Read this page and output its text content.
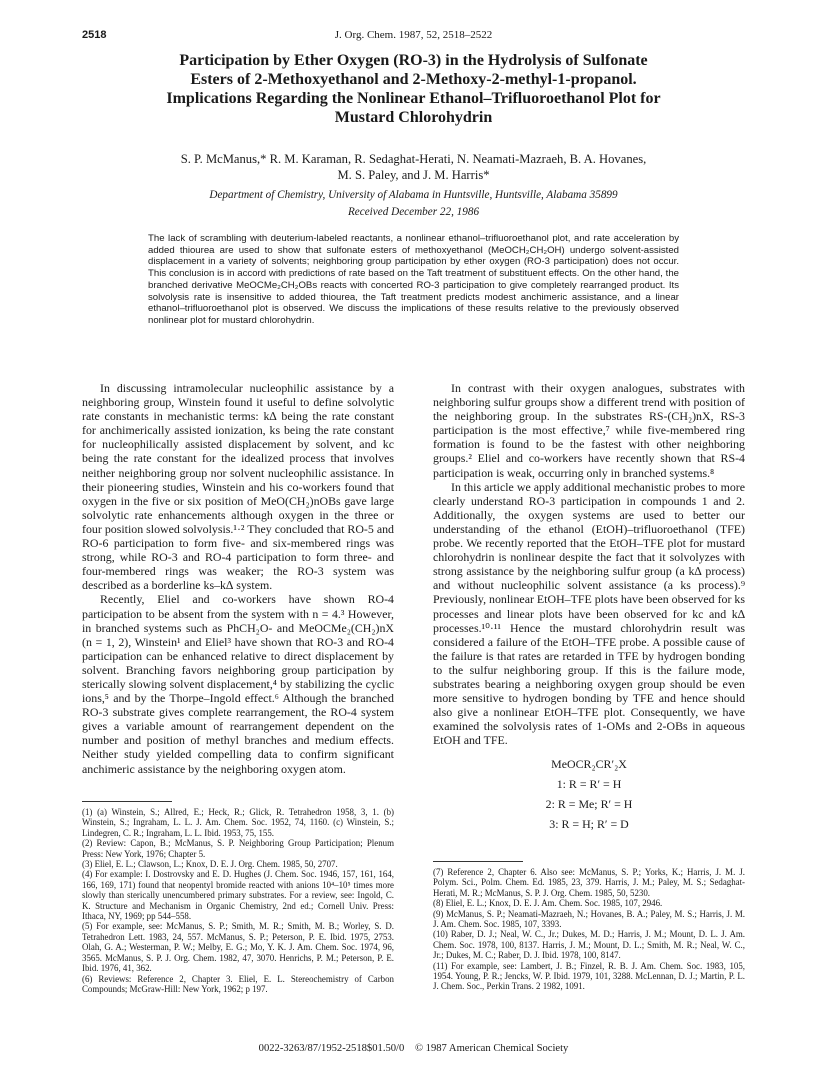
2518	J. Org. Chem. 1987, 52, 2518–2522
Participation by Ether Oxygen (RO-3) in the Hydrolysis of Sulfonate
Esters of 2-Methoxyethanol and 2-Methoxy-2-methyl-1-propanol.
Implications Regarding the Nonlinear Ethanol–Trifluoroethanol Plot for
Mustard Chlorohydrin
S. P. McManus,* R. M. Karaman, R. Sedaghat-Herati, N. Neamati-Mazraeh, B. A. Hovanes,
M. S. Paley, and J. M. Harris*
Department of Chemistry, University of Alabama in Huntsville, Huntsville, Alabama 35899
Received December 22, 1986
The lack of scrambling with deuterium-labeled reactants, a nonlinear ethanol–trifluoroethanol plot, and rate acceleration by added thiourea are used to show that sulfonate esters of methoxyethanol (MeOCH₂CH₂OH) undergo solvent-assisted displacement in a variety of solvents; neighboring group participation by ether oxygen (RO-3 participation) does not occur. This conclusion is in accord with predictions of rate based on the Taft treatment of substituent effects. On the other hand, the branched derivative MeOCMe₂CH₂OBs reacts with concerted RO-3 participation to give completely rearranged product. Its solvolysis rate is insensitive to added thiourea, the Taft treatment predicts modest anchimeric assistance, and a linear ethanol–trifluoroethanol plot is observed. We discuss the implications of these results relative to the previously observed nonlinear plot for mustard chlorohydrin.

In discussing intramolecular nucleophilic assistance by a neighboring group, Winstein found it useful to define solvolytic rate constants in mechanistic terms: k∆ being the rate constant for anchimerically assisted ionization, ks being the rate constant for nucleophilically assisted displacement by solvent, and kc being the rate constant for the idealized process that involves neither neighboring group nor solvent nucleophilic assistance. In their pioneering studies, Winstein and his co-workers found that oxygen in the five or six position of MeO(CH₂)nOBs gave large solvolytic rate enhancements although oxygen in the three or four position slowed solvolysis.¹·² They concluded that RO-5 and RO-6 participation to form five- and six-membered rings was strong, while RO-3 and RO-4 participation to form three- and four-membered rings was weaker; the RO-3 system was described as a borderline ks–k∆ system.

Recently, Eliel and co-workers have shown RO-4 participation to be absent from the system with n = 4.³ However, in branched systems such as PhCH₂O- and MeOCMe₂(CH₂)nX (n = 1, 2), Winstein¹ and Eliel³ have shown that RO-3 and RO-4 participation can be enhanced relative to direct displacement by solvent. Branching favors neighboring group participation by sterically slowing solvent displacement,⁴ by stabilizing the cyclic ions,⁵ and by the Thorpe–Ingold effect.⁶ Although the branched RO-3 substrate gives complete rearrangement, the RO-4 system gives a variable amount of rearrangement dependent on the number and position of methyl branches and medium effects. Neither study yielded compelling data to confirm significant anchimeric assistance by the neighboring oxygen atom.

In contrast with their oxygen analogues, substrates with neighboring sulfur groups show a different trend with position of the neighboring group. In the substrates RS-(CH₂)nX, RS-3 participation is the most effective,⁷ while five-membered ring formation is found to be the fastest with other neighboring groups.² Eliel and co-workers have recently shown that RS-4 participation is weak, occurring only in branched systems.⁸

In this article we apply additional mechanistic probes to more clearly understand RO-3 participation in compounds 1 and 2. Additionally, the oxygen systems are used to better our understanding of the ethanol (EtOH)–trifluoroethanol (TFE) probe. We recently reported that the EtOH–TFE plot for mustard chlorohydrin is nonlinear despite the fact that it solvolyzes with strong assistance by the neighboring sulfur group (a k∆ process) and without nucleophilic solvent assistance (a ks process).⁹ Previously, nonlinear EtOH–TFE plots have been observed for ks processes and linear plots have been observed for kc and k∆ processes.¹⁰·¹¹ Hence the mustard chlorohydrin result was considered a failure of the EtOH–TFE probe. A possible cause of the failure is that rates are retarded in TFE by hydrogen bonding to the sulfur neighboring group. If this is the failure mode, substrates bearing a neighboring oxygen group should be even more sensitive to hydrogen bonding by TFE and hence should also give a nonlinear EtOH–TFE plot. Consequently, we have examined the solvolysis rates of 1-OMs and 2-OBs in aqueous EtOH and TFE.

MeOCR₂CR′₂X
1: R = R′ = H
2: R = Me; R′ = H
3: R = H; R′ = D
(1) (a) Winstein, S.; Allred, E.; Heck, R.; Glick, R. Tetrahedron 1958, 3, 1. (b) Winstein, S.; Ingraham, L. L. J. Am. Chem. Soc. 1952, 74, 1160. (c) Winstein, S.; Lindegren, C. R.; Ingraham, L. L. Ibid. 1953, 75, 155.
(2) Review: Capon, B.; McManus, S. P. Neighboring Group Participation; Plenum Press: New York, 1976; Chapter 5.
(3) Eliel, E. L.; Clawson, L.; Knox, D. E. J. Org. Chem. 1985, 50, 2707.
(4) For example: I. Dostrovsky and E. D. Hughes (J. Chem. Soc. 1946, 157, 161, 164, 166, 169, 171) found that neopentyl bromide reacted with anions 10⁴–10⁵ times more slowly than sterically unencumbered primary substrates. For a review, see: Ingold, C. K. Structure and Mechanism in Organic Chemistry, 2nd ed.; Cornell Univ. Press: Ithaca, NY, 1969; pp 544–558.
(5) For example, see: McManus, S. P.; Smith, M. R.; Smith, M. B.; Worley, S. D. Tetrahedron Lett. 1983, 24, 557. McManus, S. P.; Peterson, P. E. Ibid. 1975, 2753. Olah, G. A.; Westerman, P. W.; Melby, E. G.; Mo, Y. K. J. Am. Chem. Soc. 1974, 96, 3565. McManus, S. P. J. Org. Chem. 1982, 47, 3070. Henrichs, P. M.; Peterson, P. E. Ibid. 1976, 41, 362.
(6) Reviews: Reference 2, Chapter 3. Eliel, E. L. Stereochemistry of Carbon Compounds; McGraw-Hill: New York, 1962; p 197.
(7) Reference 2, Chapter 6. Also see: McManus, S. P.; Yorks, K.; Harris, J. M. J. Polym. Sci., Polm. Chem. Ed. 1985, 23, 379. Harris, J. M.; Paley, M. S.; Sedaghat-Herati, M. R.; McManus, S. P. J. Org. Chem. 1985, 50, 5230.
(8) Eliel, E. L.; Knox, D. E. J. Am. Chem. Soc. 1985, 107, 2946.
(9) McManus, S. P.; Neamati-Mazraeh, N.; Hovanes, B. A.; Paley, M. S.; Harris, J. M. J. Am. Chem. Soc. 1985, 107, 3393.
(10) Raber, D. J.; Neal, W. C., Jr.; Dukes, M. D.; Harris, J. M.; Mount, D. L. J. Am. Chem. Soc. 1978, 100, 8137. Harris, J. M.; Mount, D. L.; Smith, M. R.; Neal, W. C., Jr.; Dukes, M. C.; Raber, D. J. Ibid. 1978, 100, 8147.
(11) For example, see: Lambert, J. B.; Finzel, R. B. J. Am. Chem. Soc. 1983, 105, 1954. Young, P. R.; Jencks, W. P. Ibid. 1979, 101, 3288. McLennan, D. J.; Martin, P. L. J. Chem. Soc., Perkin Trans. 2 1982, 1091.
0022-3263/87/1952-2518$01.50/0 © 1987 American Chemical Society
